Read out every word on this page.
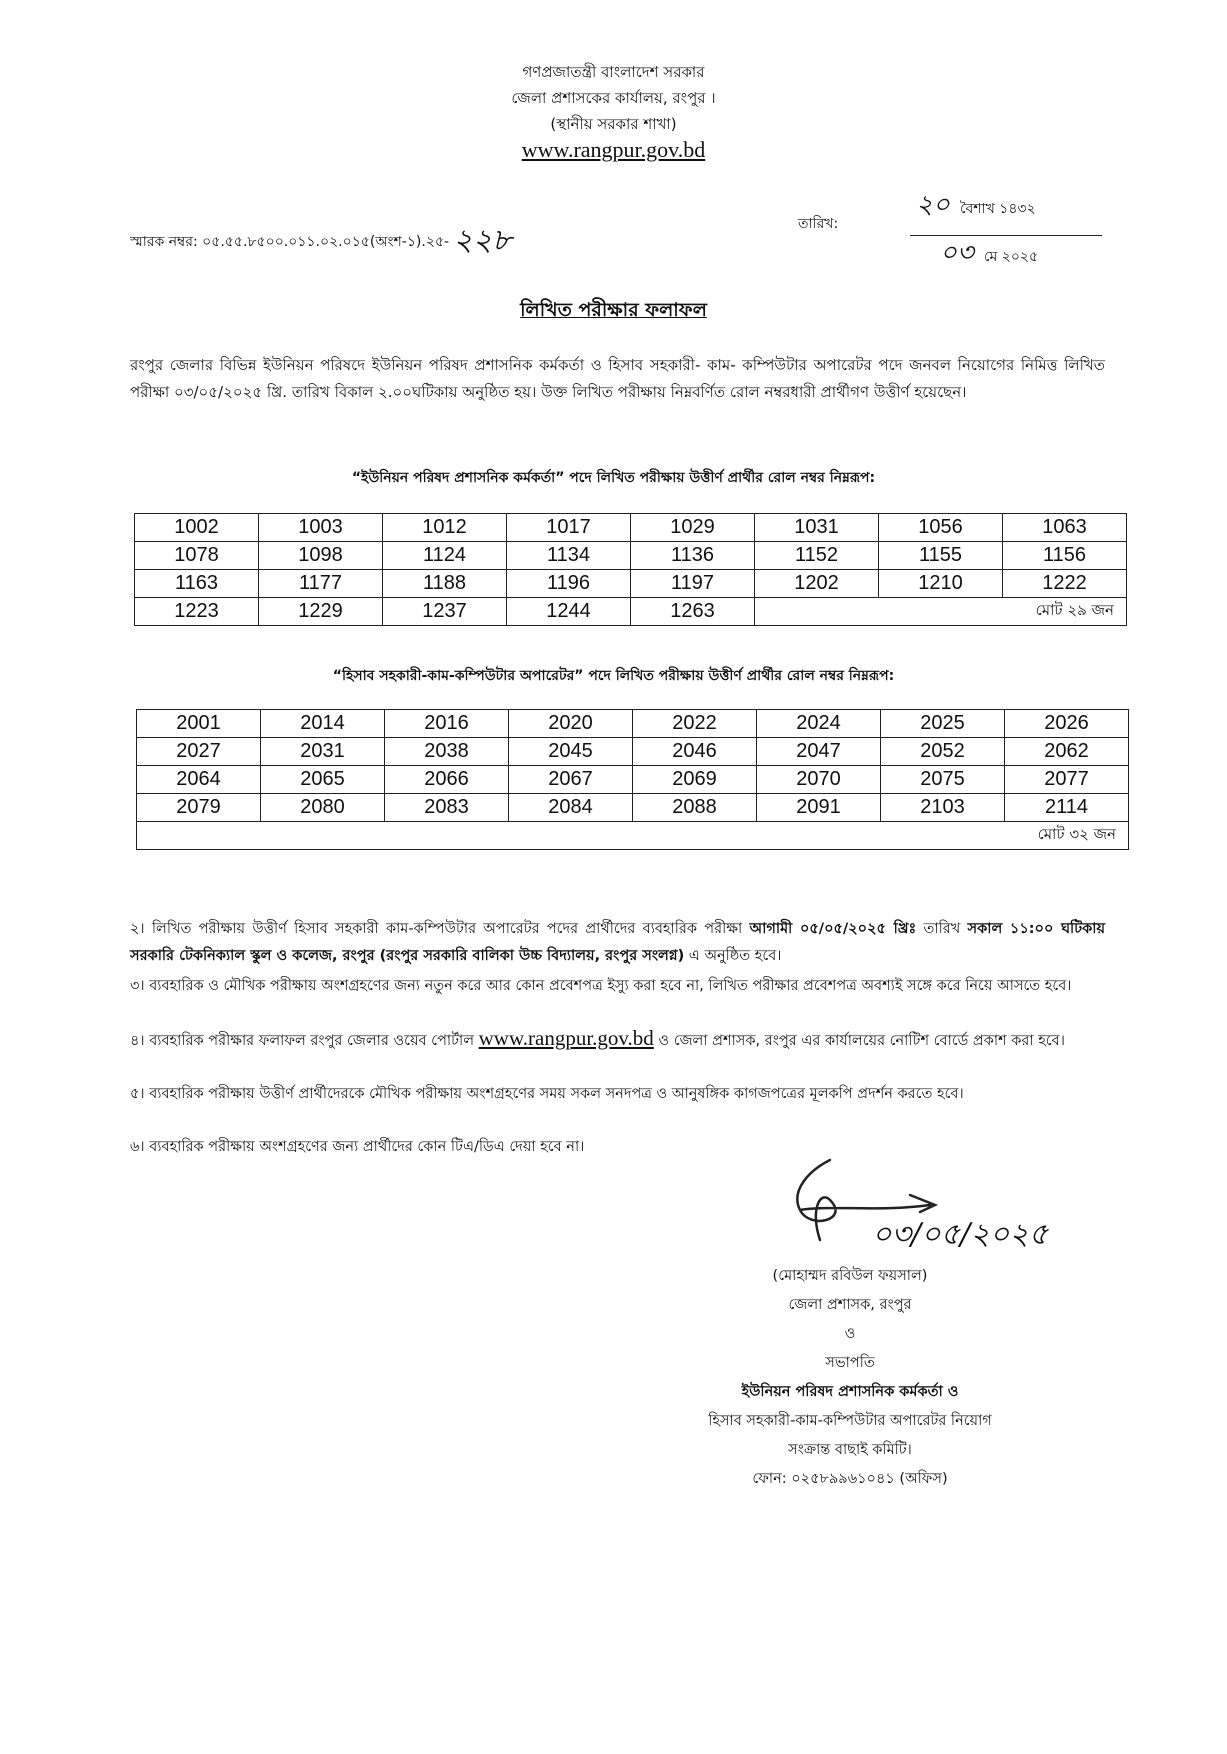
গণপ্রজাতন্ত্রী বাংলাদেশ সরকার
জেলা প্রশাসকের কার্যালয়, রংপুর ।
(স্থানীয় সরকার শাখা)
www.rangpur.gov.bd
স্মারক নম্বর: ০৫.৫৫.৮৫০০.০১১.০২.০১৫(অংশ-১).২৫- ২২৮	তারিখ:
২০ বৈশাখ ১৪৩২
০৩ মে ২০২৫
লিখিত পরীক্ষার ফলাফল
রংপুর জেলার বিভিন্ন ইউনিয়ন পরিষদে ইউনিয়ন পরিষদ প্রশাসনিক কর্মকর্তা ও হিসাব সহকারী- কাম- কম্পিউটার অপারেটর পদে জনবল নিয়োগের নিমিত্ত লিখিত পরীক্ষা ০৩/০৫/২০২৫ খ্রি. তারিখ বিকাল ২.০০ঘটিকায় অনুষ্ঠিত হয়। উক্ত লিখিত পরীক্ষায় নিম্নবর্ণিত রোল নম্বরধারী প্রার্থীগণ উত্তীর্ণ হয়েছেন।
“ইউনিয়ন পরিষদ প্রশাসনিক কর্মকর্তা” পদে লিখিত পরীক্ষায় উত্তীর্ণ প্রার্থীর রোল নম্বর নিম্নরূপ:
1002	1003	1012	1017	1029	1031	1056	1063
1078	1098	1124	1134	1136	1152	1155	1156
1163	1177	1188	1196	1197	1202	1210	1222
1223	1229	1237	1244	1263	মোট ২৯ জন		
“হিসাব সহকারী-কাম-কম্পিউটার অপারেটর” পদে লিখিত পরীক্ষায় উত্তীর্ণ প্রার্থীর রোল নম্বর নিম্নরূপ:
2001	2014	2016	2020	2022	2024	2025	2026
2027	2031	2038	2045	2046	2047	2052	2062
2064	2065	2066	2067	2069	2070	2075	2077
2079	2080	2083	2084	2088	2091	2103	2114
মোট ৩২ জন							
২। লিখিত পরীক্ষায় উত্তীর্ণ হিসাব সহকারী কাম-কম্পিউটার অপারেটর পদের প্রার্থীদের ব্যবহারিক পরীক্ষা আগামী ০৫/০৫/২০২৫ খ্রিঃ তারিখ সকাল ১১:০০ ঘটিকায় সরকারি টেকনিক্যাল স্কুল ও কলেজ, রংপুর (রংপুর সরকারি বালিকা উচ্চ বিদ্যালয়, রংপুর সংলগ্ন) এ অনুষ্ঠিত হবে।
৩। ব্যবহারিক ও মৌখিক পরীক্ষায় অংশগ্রহণের জন্য নতুন করে আর কোন প্রবেশপত্র ইস্যু করা হবে না, লিখিত পরীক্ষার প্রবেশপত্র অবশ্যই সঙ্গে করে নিয়ে আসতে হবে।
৪। ব্যবহারিক পরীক্ষার ফলাফল রংপুর জেলার ওয়েব পোর্টাল www.rangpur.gov.bd ও জেলা প্রশাসক, রংপুর এর কার্যালয়ের নোটিশ বোর্ডে প্রকাশ করা হবে।
৫। ব্যবহারিক পরীক্ষায় উত্তীর্ণ প্রার্থীদেরকে মৌখিক পরীক্ষায় অংশগ্রহণের সময় সকল সনদপত্র ও আনুষঙ্গিক কাগজপত্রের মূলকপি প্রদর্শন করতে হবে।
৬। ব্যবহারিক পরীক্ষায় অংশগ্রহণের জন্য প্রার্থীদের কোন টিএ/ডিএ দেয়া হবে না।
০৩/০৫/২০২৫
(মোহাম্মদ রবিউল ফয়সাল)
জেলা প্রশাসক, রংপুর
ও
সভাপতি
ইউনিয়ন পরিষদ প্রশাসনিক কর্মকর্তা ও
হিসাব সহকারী-কাম-কম্পিউটার অপারেটর নিয়োগ
সংক্রান্ত বাছাই কমিটি।
ফোন: ০২৫৮৯৯৬১০৪১ (অফিস)
